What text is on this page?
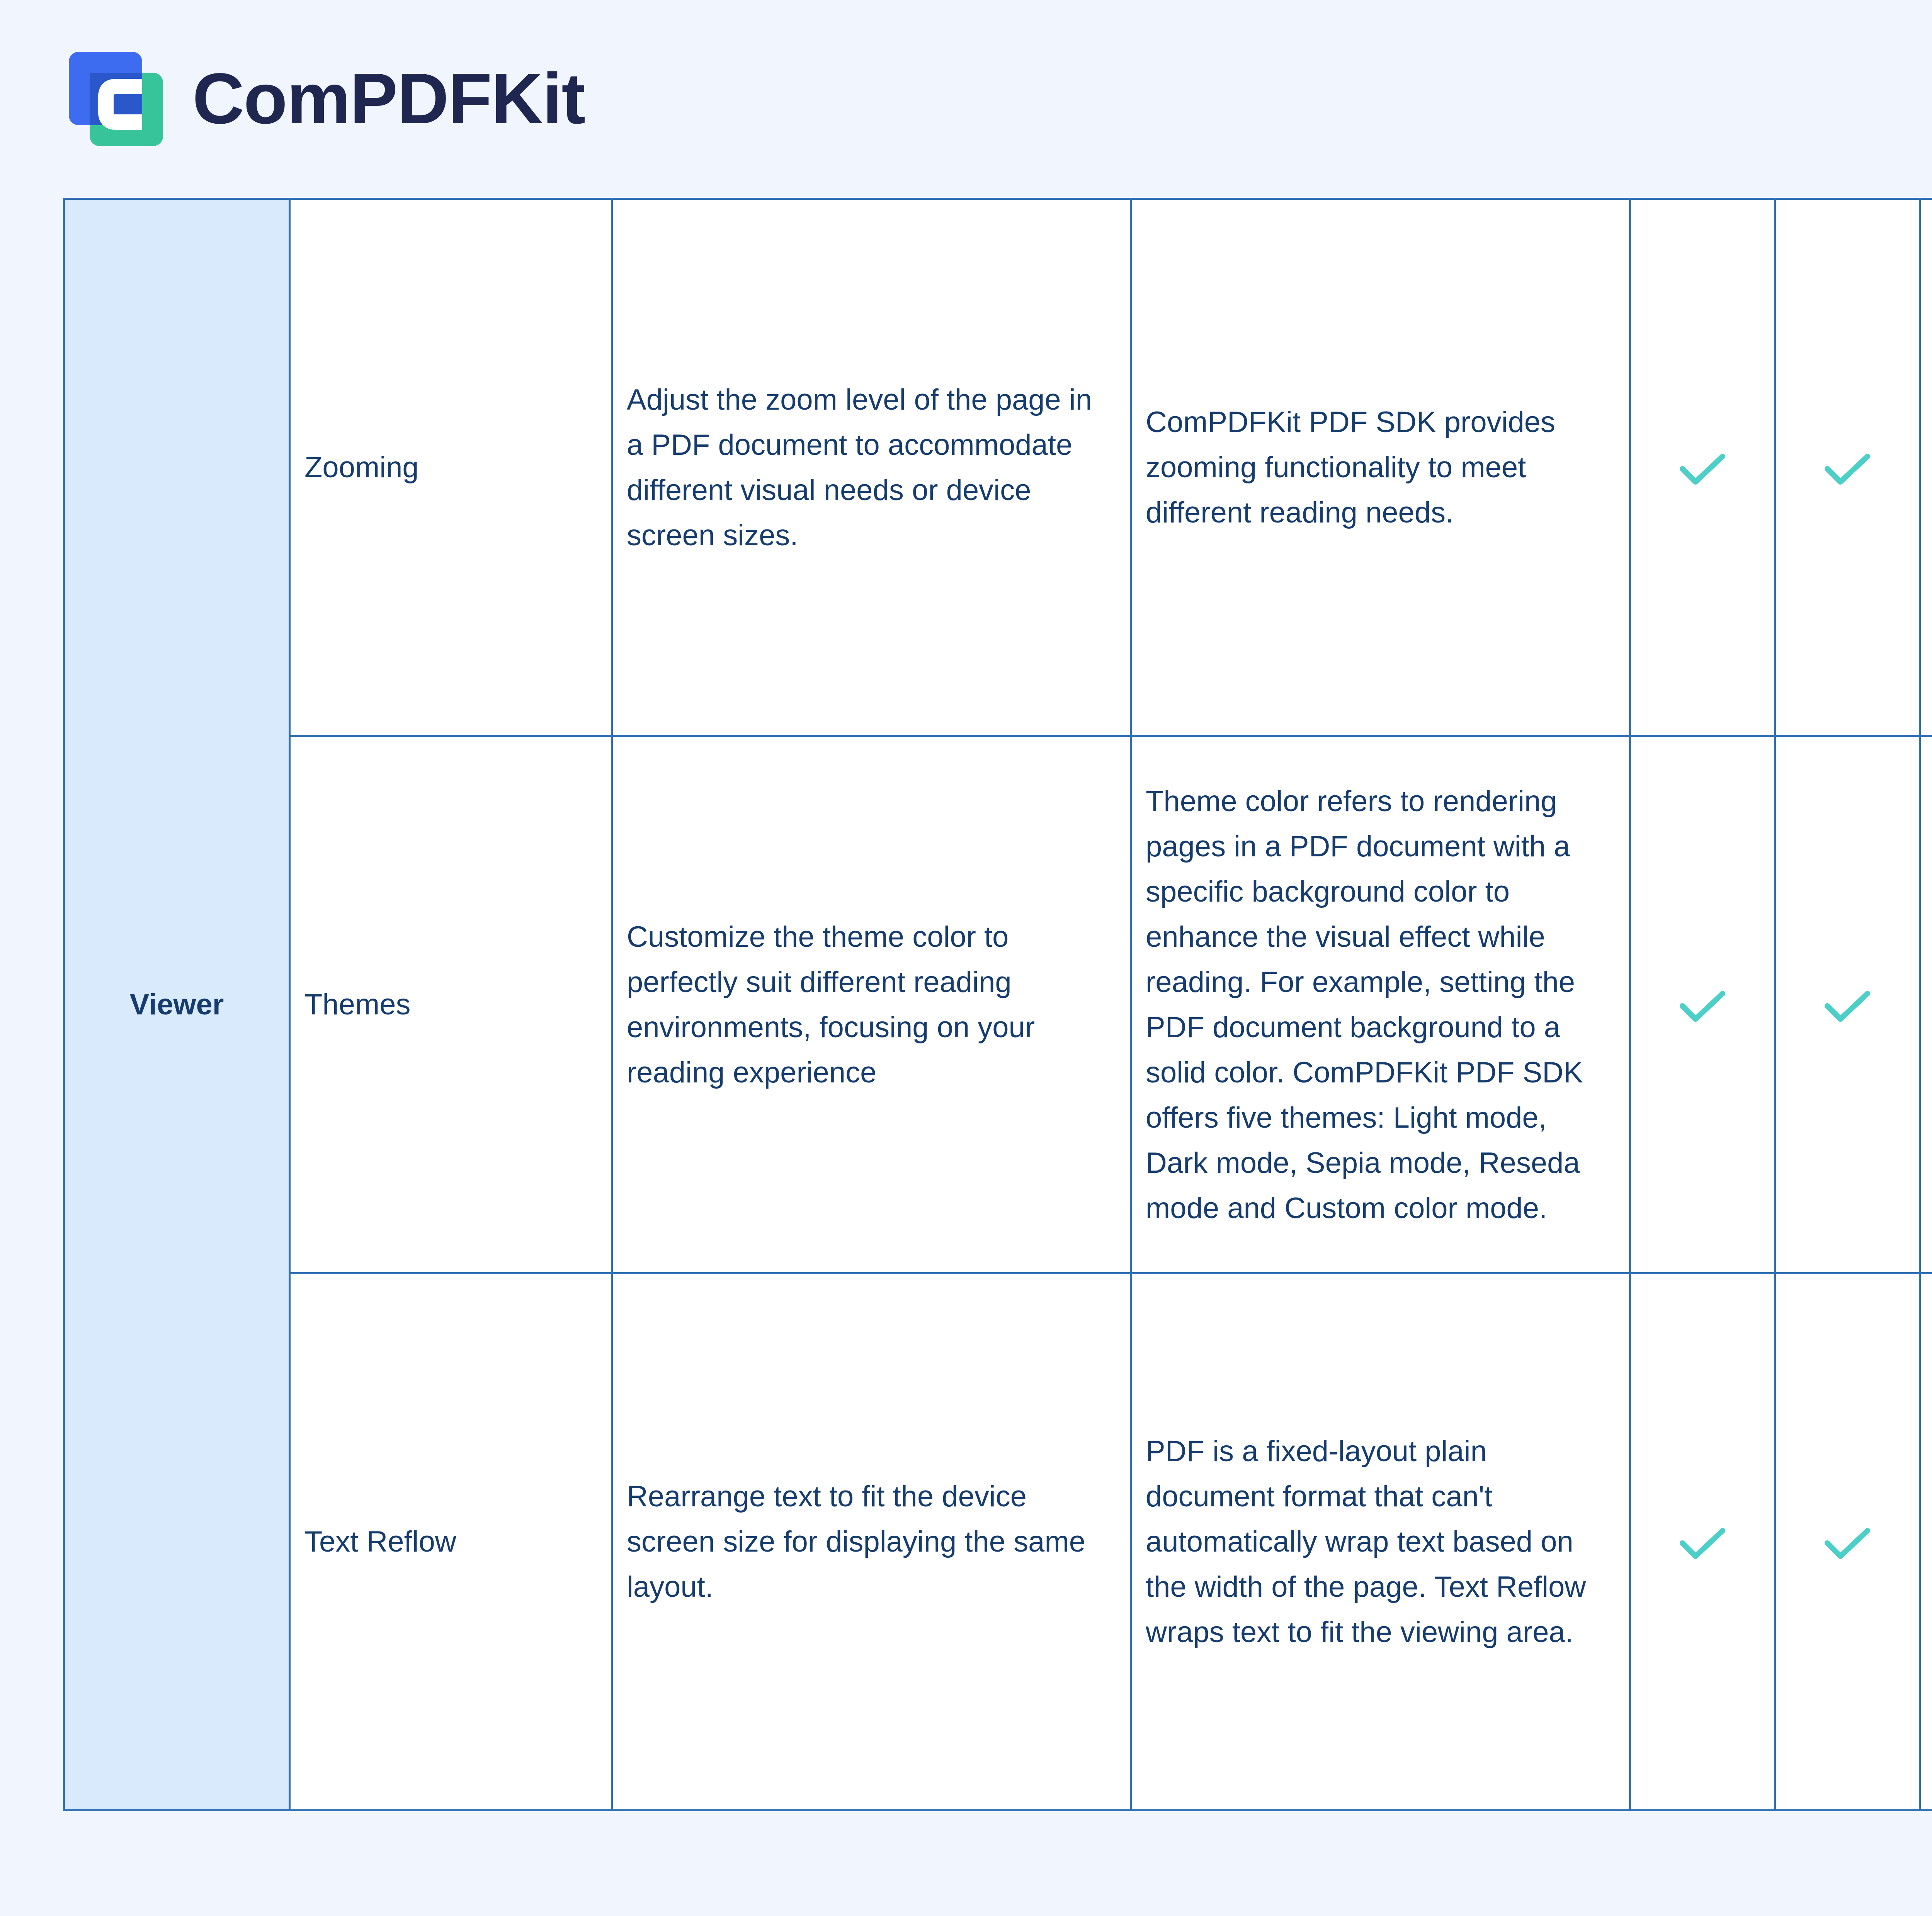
ComPDFKit
Viewer	Zooming	Adjust the zoom level of the page in a PDF document to accommodate different visual needs or device screen sizes.	ComPDFKit PDF SDK provides zooming functionality to meet different reading needs.							
	Themes	Customize the theme color to perfectly suit different reading environments, focusing on your reading experience	Theme color refers to rendering pages in a PDF document with a specific background color to enhance the visual effect while reading. For example, setting the PDF document background to a solid color. ComPDFKit PDF SDK offers five themes: Light mode, Dark mode, Sepia mode, Reseda mode and Custom color mode.							
	Text Reflow	Rearrange text to fit the device screen size for displaying the same layout.	PDF is a fixed-layout plain document format that can't automatically wrap text based on the width of the page. Text Reflow wraps text to fit the viewing area.							
